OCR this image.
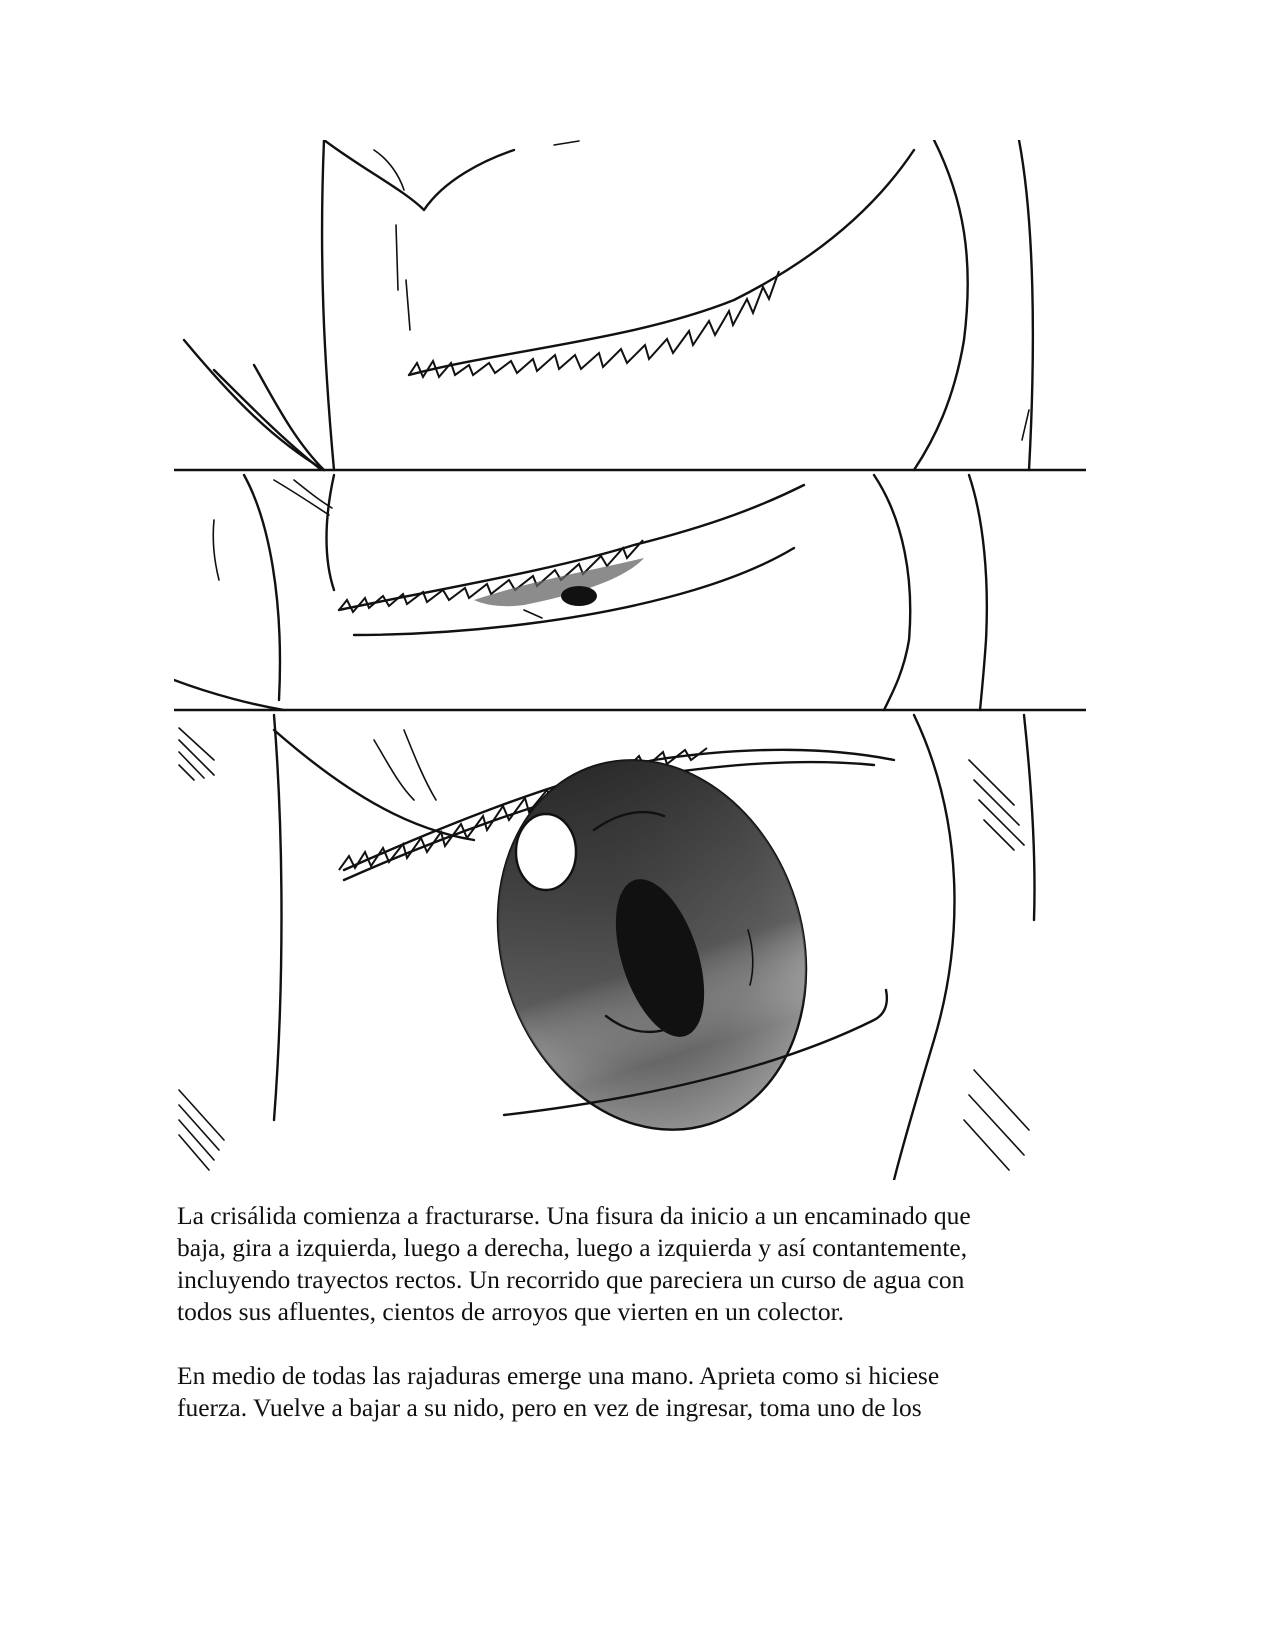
La crisálida comienza a fracturarse. Una fisura da inicio a un encaminado que
baja, gira a izquierda, luego a derecha, luego a izquierda y así contantemente,
incluyendo trayectos rectos. Un recorrido que pareciera un curso de agua con
todos sus afluentes, cientos de arroyos que vierten en un colector.

En medio de todas las rajaduras emerge una mano. Aprieta como si hiciese
fuerza. Vuelve a bajar a su nido, pero en vez de ingresar, toma uno de los
